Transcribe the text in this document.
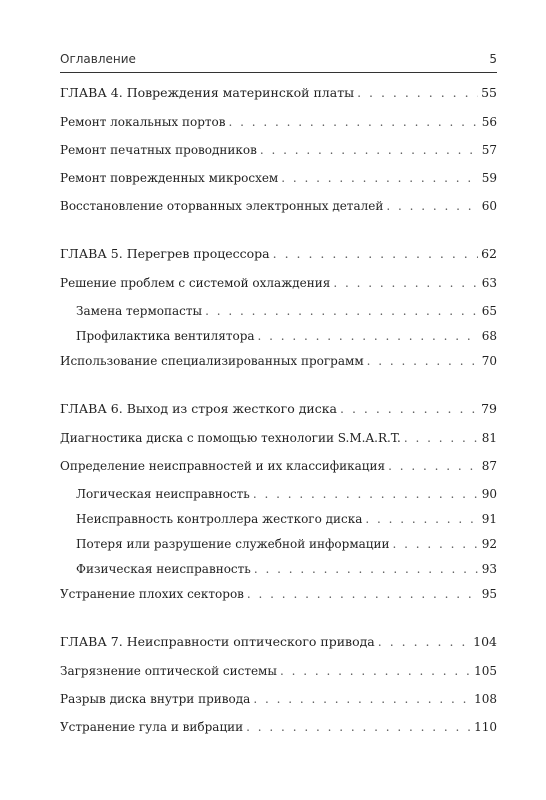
Оглавление	5
ГЛАВА 4. Повреждения материнской платы . . .	55
Ремонт локальных портов . . .	56
Ремонт печатных проводников . . .	57
Ремонт поврежденных микросхем . . .	59
Восстановление оторванных электронных деталей . . .	60
ГЛАВА 5. Перегрев процессора . . .	62
Решение проблем с системой охлаждения . . .	63
Замена термопасты . . .	65
Профилактика вентилятора . . .	68
Использование специализированных программ . . .	70
ГЛАВА 6. Выход из строя жесткого диска . . .	79
Диагностика диска с помощью технологии S.M.A.R.T. . . .	81
Определение неисправностей и их классификация . . .	87
Логическая неисправность . . .	90
Неисправность контроллера жесткого диска . . .	91
Потеря или разрушение служебной информации . . .	92
Физическая неисправность . . .	93
Устранение плохих секторов . . .	95
ГЛАВА 7. Неисправности оптического привода . . .	104
Загрязнение оптической системы . . .	105
Разрыв диска внутри привода . . .	108
Устранение гула и вибрации . . .	110
